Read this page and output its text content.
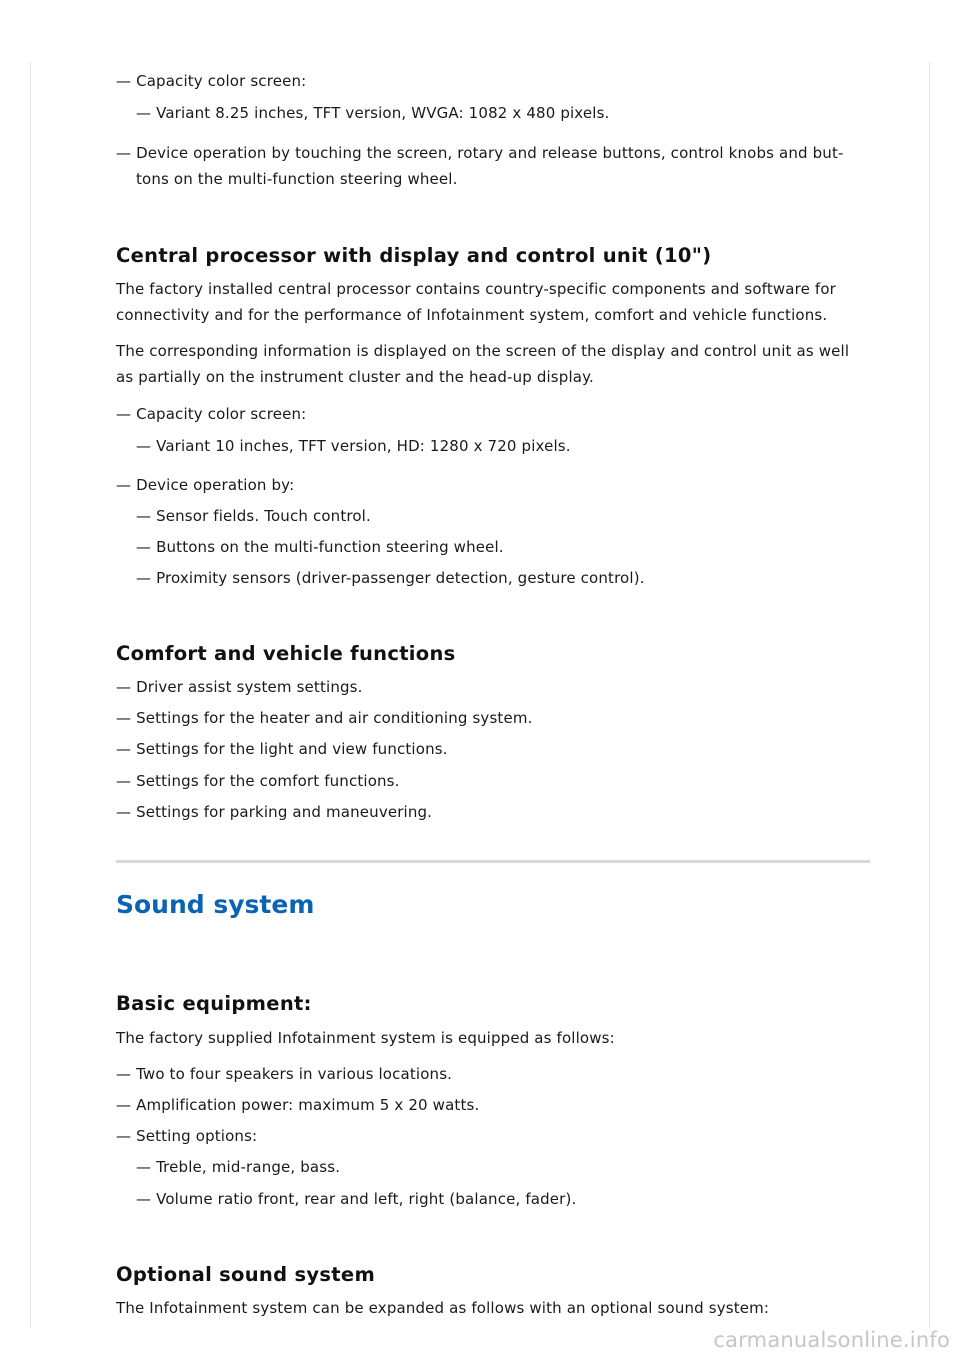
— Capacity color screen:
— Variant 8.25 inches, TFT version, WVGA: 1082 x 480 pixels.
— Device operation by touching the screen, rotary and release buttons, control knobs and but-tons on the multi-function steering wheel.
Central processor with display and control unit (10")
The factory installed central processor contains country-specific components and software for connectivity and for the performance of Infotainment system, comfort and vehicle functions.
The corresponding information is displayed on the screen of the display and control unit as well as partially on the instrument cluster and the head-up display.
— Capacity color screen:
— Variant 10 inches, TFT version, HD: 1280 x 720 pixels.
— Device operation by:
— Sensor fields. Touch control.
— Buttons on the multi-function steering wheel.
— Proximity sensors (driver-passenger detection, gesture control).
Comfort and vehicle functions
— Driver assist system settings.
— Settings for the heater and air conditioning system.
— Settings for the light and view functions.
— Settings for the comfort functions.
— Settings for parking and maneuvering.
Sound system
Basic equipment:
The factory supplied Infotainment system is equipped as follows:
— Two to four speakers in various locations.
— Amplification power: maximum 5 x 20 watts.
— Setting options:
— Treble, mid-range, bass.
— Volume ratio front, rear and left, right (balance, fader).
Optional sound system
The Infotainment system can be expanded as follows with an optional sound system:
carmanualsonline.info
